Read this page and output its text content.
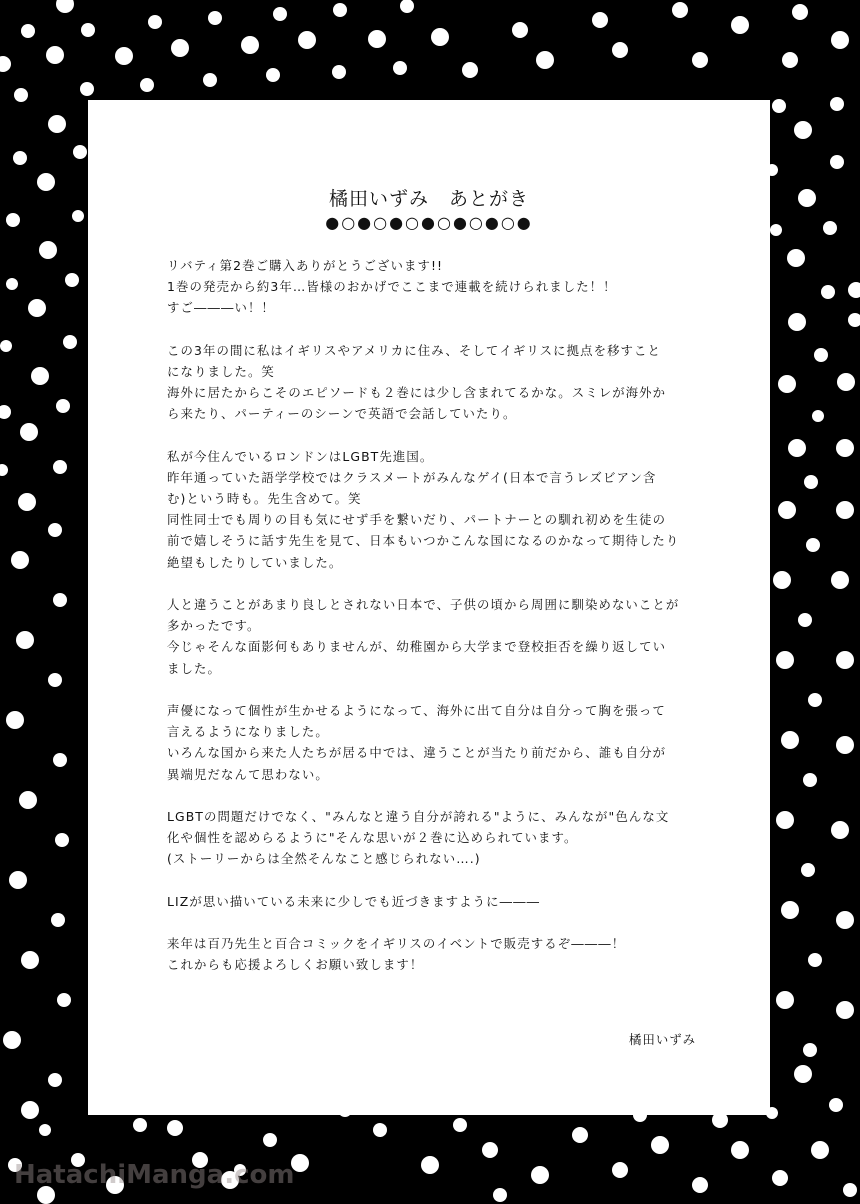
橘田いずみ　あとがき
●○●○●○●○●○●○●
リバティ第2巻ご購入ありがとうございます!!
1巻の発売から約3年…皆様のおかげでここまで連載を続けられました！！
すご―――い！！
この3年の間に私はイギリスやアメリカに住み、そしてイギリスに拠点を移すこと
になりました。笑
海外に居たからこそのエピソードも２巻には少し含まれてるかな。スミレが海外か
ら来たり、パーティーのシーンで英語で会話していたり。
私が今住んでいるロンドンはLGBT先進国。
昨年通っていた語学学校ではクラスメートがみんなゲイ(日本で言うレズビアン含
む)という時も。先生含めて。笑
同性同士でも周りの目も気にせず手を繋いだり、パートナーとの馴れ初めを生徒の
前で嬉しそうに話す先生を見て、日本もいつかこんな国になるのかなって期待したり
絶望もしたりしていました。
人と違うことがあまり良しとされない日本で、子供の頃から周囲に馴染めないことが
多かったです。
今じゃそんな面影何もありませんが、幼稚園から大学まで登校拒否を繰り返してい
ました。
声優になって個性が生かせるようになって、海外に出て自分は自分って胸を張って
言えるようになりました。
いろんな国から来た人たちが居る中では、違うことが当たり前だから、誰も自分が
異端児だなんて思わない。
LGBTの問題だけでなく、"みんなと違う自分が誇れる"ように、みんなが"色んな文
化や個性を認めらるように"そんな思いが２巻に込められています。
(ストーリーからは全然そんなこと感じられない….)
LIZが思い描いている未来に少しでも近づきますように―――
来年は百乃先生と百合コミックをイギリスのイベントで販売するぞ―――！
これからも応援よろしくお願い致します！
橘田いずみ
HatachiManga.com
